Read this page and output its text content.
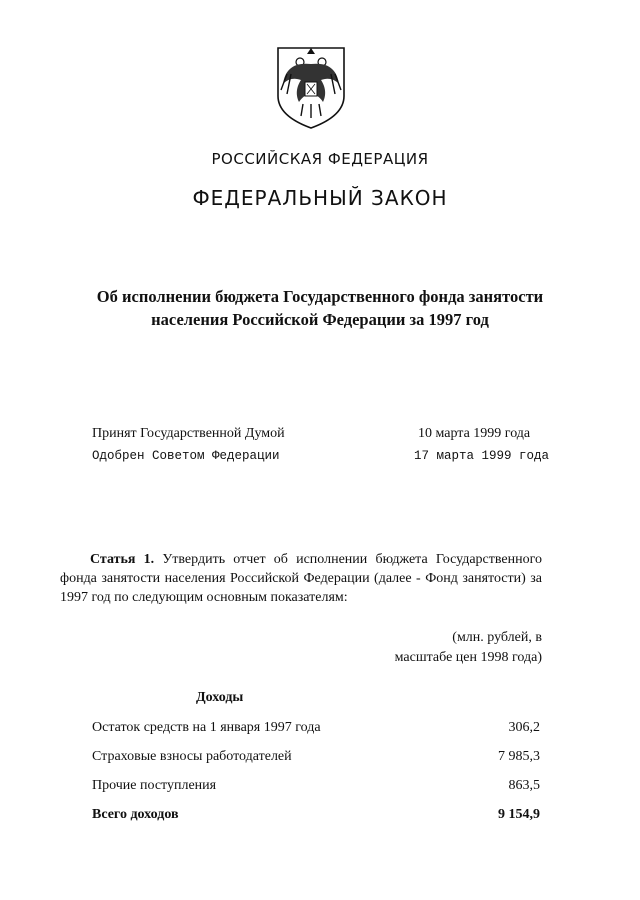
РОССИЙСКАЯ ФЕДЕРАЦИЯ
ФЕДЕРАЛЬНЫЙ ЗАКОН
Об исполнении бюджета Государственного фонда занятости
населения Российской Федерации за 1997 год
Принят Государственной Думой	10 марта 1999 года
Одобрен Советом Федерации	17 марта 1999 года

Статья 1. Утвердить отчет об исполнении бюджета Государственного фонда занятости населения Российской Федерации (далее - Фонд занятости) за 1997 год по следующим основным показателям:

(млн. рублей, в
масштабе цен 1998 года)
Доходы
Остаток средств на 1 января 1997 года	306,2
Страховые взносы работодателей	7 985,3
Прочие поступления	863,5
Всего доходов	9 154,9
